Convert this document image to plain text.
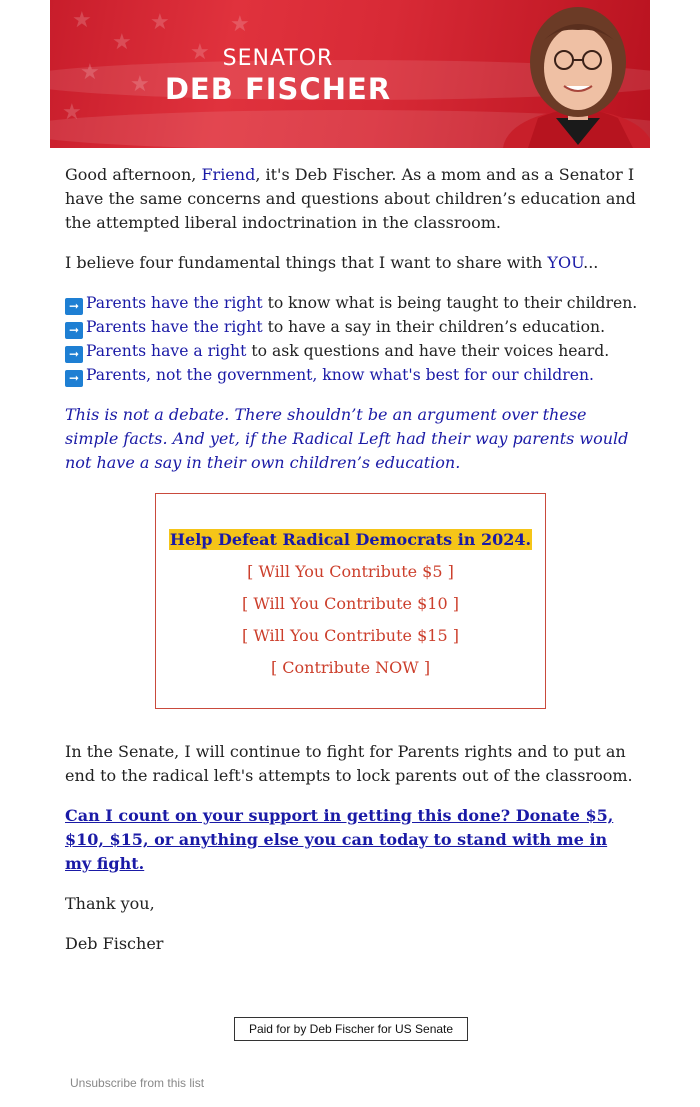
★
★
★
★ ★
★
★
★
SENATOR
DEB FISCHER

Good afternoon, Friend, it's Deb Fischer. As a mom and as a Senator I have the same concerns and questions about children’s education and the attempted liberal indoctrination in the classroom.

I believe four fundamental things that I want to share with YOU...

➞ Parents have the right to know what is being taught to their children.
➞ Parents have the right to have a say in their children’s education.
➞ Parents have a right to ask questions and have their voices heard.
➞ Parents, not the government, know what's best for our children.

This is not a debate. There shouldn’t be an argument over these simple facts. And yet, if the Radical Left had their way parents would not have a say in their own children’s education.

Help Defeat Radical Democrats in 2024.
[ Will You Contribute $5 ]
[ Will You Contribute $10 ]
[ Will You Contribute $15 ]
[ Contribute NOW ]

In the Senate, I will continue to fight for Parents rights and to put an end to the radical left's attempts to lock parents out of the classroom.

Can I count on your support in getting this done? Donate $5, $10, $15, or anything else you can today to stand with me in my fight.

Thank you,

Deb Fischer

Paid for by Deb Fischer for US Senate
Unsubscribe from this list
